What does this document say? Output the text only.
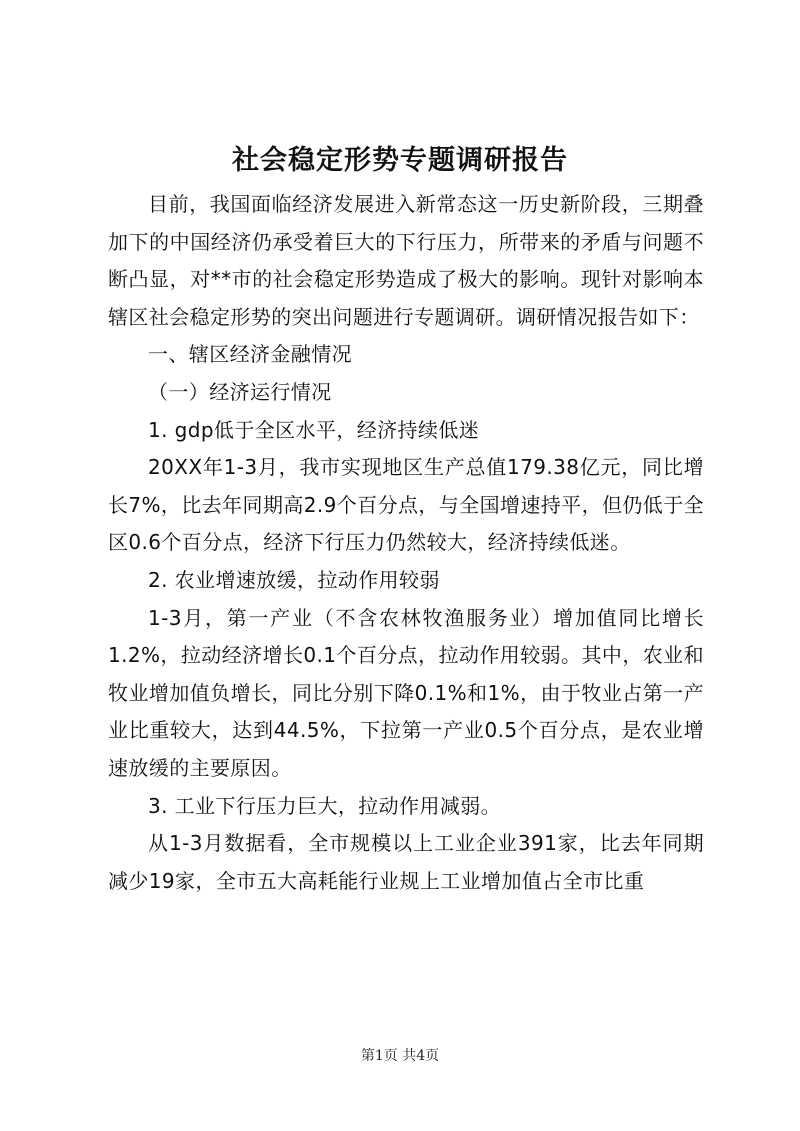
社会稳定形势专题调研报告

目前，我国面临经济发展进入新常态这一历史新阶段，三期叠加下的中国经济仍承受着巨大的下行压力，所带来的矛盾与问题不断凸显，对**市的社会稳定形势造成了极大的影响。现针对影响本辖区社会稳定形势的突出问题进行专题调研。调研情况报告如下：

一、辖区经济金融情况

（一）经济运行情况

1. gdp低于全区水平，经济持续低迷

20XX年1-3月，我市实现地区生产总值179.38亿元，同比增长7%，比去年同期高2.9个百分点，与全国增速持平，但仍低于全区0.6个百分点，经济下行压力仍然较大，经济持续低迷。

2. 农业增速放缓，拉动作用较弱

1-3月，第一产业（不含农林牧渔服务业）增加值同比增长1.2%，拉动经济增长0.1个百分点，拉动作用较弱。其中，农业和牧业增加值负增长，同比分别下降0.1%和1%，由于牧业占第一产业比重较大，达到44.5%，下拉第一产业0.5个百分点，是农业增速放缓的主要原因。

3. 工业下行压力巨大，拉动作用减弱。

从1-3月数据看，全市规模以上工业企业391家，比去年同期减少19家，全市五大高耗能行业规上工业增加值占全市比重

第1页 共4页
